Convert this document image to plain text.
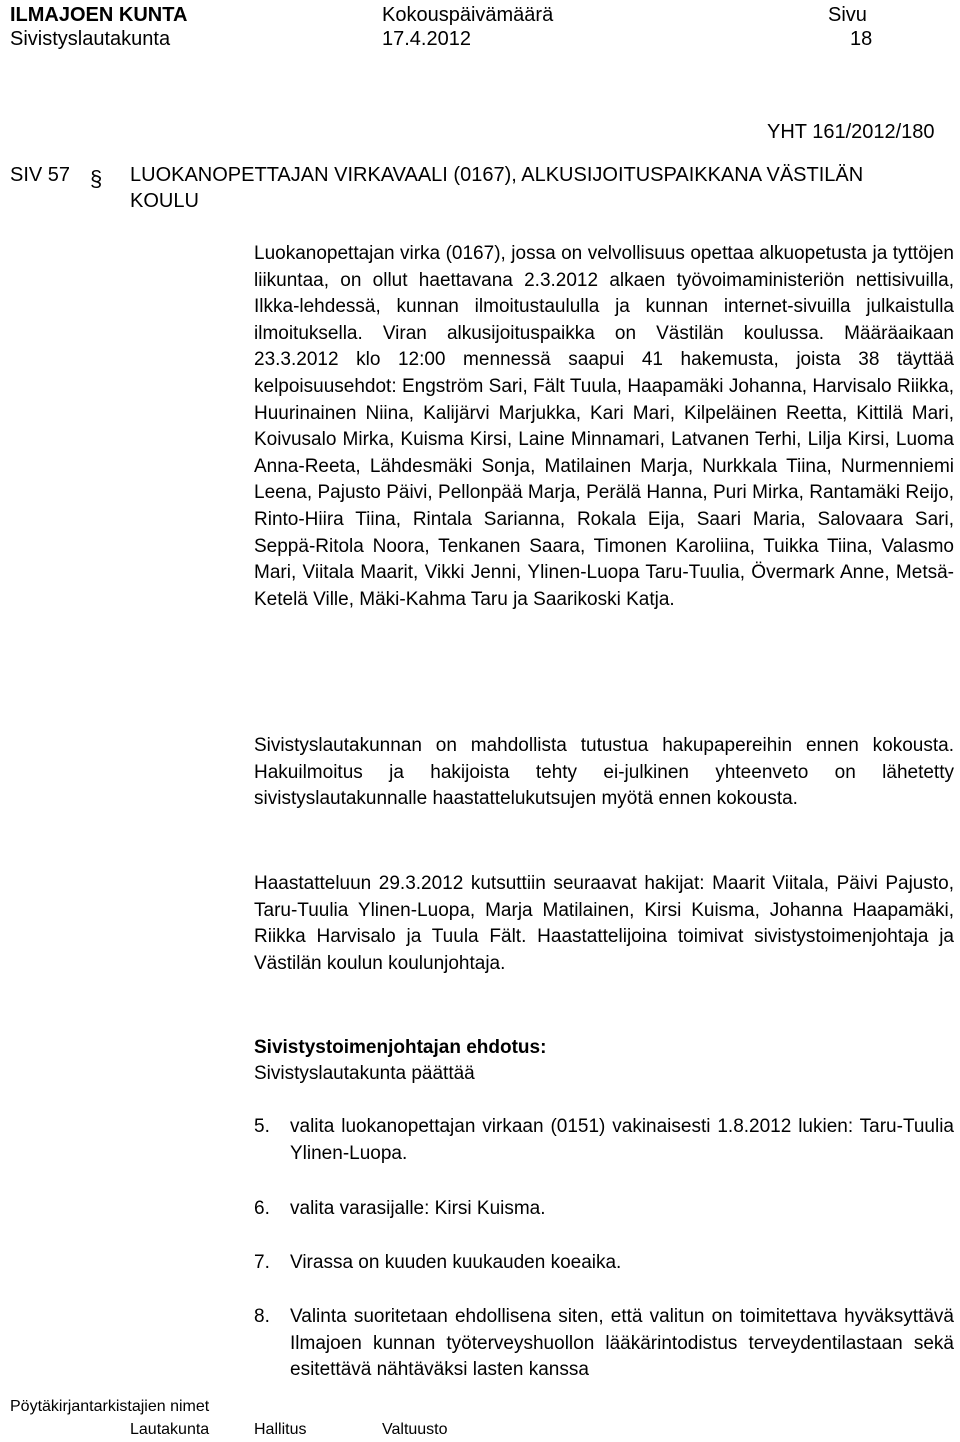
ILMAJOEN KUNTA	Kokouspäivämäärä	Sivu
Sivistyslautakunta	17.4.2012	18
YHT 161/2012/180
SIV 57 § LUOKANOPETTAJAN VIRKAVAALI (0167), ALKUSIJOITUSPAIKKANA VÄSTILÄN KOULU
Luokanopettajan virka (0167), jossa on velvollisuus opettaa alkuopetusta ja tyttöjen liikuntaa, on ollut haettavana 2.3.2012 alkaen työvoimaministeriön nettisivuilla, Ilkka-lehdessä, kunnan ilmoitustaululla ja kunnan internet-sivuilla julkaistulla ilmoituksella. Viran alkusijoituspaikka on Västilän koulussa. Määräaikaan 23.3.2012 klo 12:00 mennessä saapui 41 hakemusta, joista 38 täyttää kelpoisuusehdot: Engström Sari, Fält Tuula, Haapamäki Johanna, Harvisalo Riikka, Huurinainen Niina, Kalijärvi Marjukka, Kari Mari, Kilpeläinen Reetta, Kittilä Mari, Koivusalo Mirka, Kuisma Kirsi, Laine Minnamari, Latvanen Terhi, Lilja Kirsi, Luoma Anna-Reeta, Lähdesmäki Sonja, Matilainen Marja, Nurkkala Tiina, Nurmenniemi Leena, Pajusto Päivi, Pellonpää Marja, Perälä Hanna, Puri Mirka, Rantamäki Reijo, Rinto-Hiira Tiina, Rintala Sarianna, Rokala Eija, Saari Maria, Salovaara Sari, Seppä-Ritola Noora, Tenkanen Saara, Timonen Karoliina, Tuikka Tiina, Valasmo Mari, Viitala Maarit, Vikki Jenni, Ylinen-Luopa Taru-Tuulia, Övermark Anne, Metsä-Ketelä Ville, Mäki-Kahma Taru ja Saarikoski Katja.
Sivistyslautakunnan on mahdollista tutustua hakupapereihin ennen kokousta. Hakuilmoitus ja hakijoista tehty ei-julkinen yhteenveto on lähetetty sivistyslautakunnalle haastattelukutsujen myötä ennen kokousta.
Haastatteluun 29.3.2012 kutsuttiin seuraavat hakijat: Maarit Viitala, Päivi Pajusto, Taru-Tuulia Ylinen-Luopa, Marja Matilainen, Kirsi Kuisma, Johanna Haapamäki, Riikka Harvisalo ja Tuula Fält. Haastattelijoina toimivat sivistystoimenjohtaja ja Västilän koulun koulunjohtaja.
Sivistystoimenjohtajan ehdotus:
Sivistyslautakunta päättää
5. valita luokanopettajan virkaan (0151) vakinaisesti 1.8.2012 lukien: Taru-Tuulia Ylinen-Luopa.
6. valita varasijalle: Kirsi Kuisma.
7. Virassa on kuuden kuukauden koeaika.
8. Valinta suoritetaan ehdollisena siten, että valitun on toimitettava hyväksyttävä Ilmajoen kunnan työterveyshuollon lääkärintodistus terveydentilastaan sekä esitettävä nähtäväksi lasten kanssa
Pöytäkirjantarkistajien nimet
Lautakunta	Hallitus	Valtuusto
